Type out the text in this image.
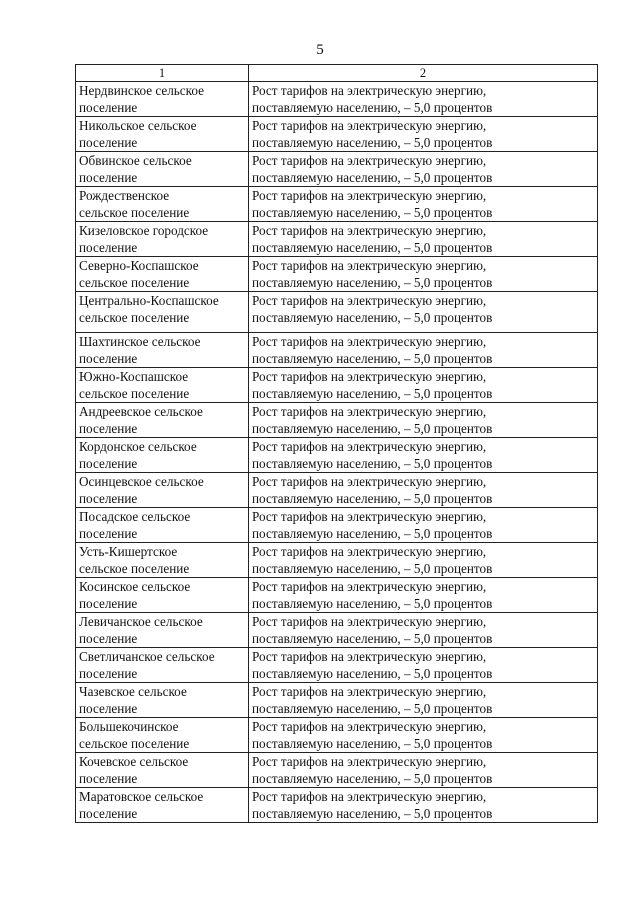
5
1	2

Нердвинское сельское
поселение	Рост тарифов на электрическую энергию,
поставляемую населению, – 5,0 процентов

Никольское сельское
поселение	Рост тарифов на электрическую энергию,
поставляемую населению, – 5,0 процентов

Обвинское сельское
поселение	Рост тарифов на электрическую энергию,
поставляемую населению, – 5,0 процентов

Рождественское
сельское поселение	Рост тарифов на электрическую энергию,
поставляемую населению, – 5,0 процентов

Кизеловское городское
поселение	Рост тарифов на электрическую энергию,
поставляемую населению, – 5,0 процентов

Северно-Коспашское
сельское поселение	Рост тарифов на электрическую энергию,
поставляемую населению, – 5,0 процентов

Центрально-Коспашское
сельское поселение	Рост тарифов на электрическую энергию,
поставляемую населению, – 5,0 процентов

Шахтинское сельское
поселение	Рост тарифов на электрическую энергию,
поставляемую населению, – 5,0 процентов

Южно-Коспашское
сельское поселение	Рост тарифов на электрическую энергию,
поставляемую населению, – 5,0 процентов

Андреевское сельское
поселение	Рост тарифов на электрическую энергию,
поставляемую населению, – 5,0 процентов

Кордонское сельское
поселение	Рост тарифов на электрическую энергию,
поставляемую населению, – 5,0 процентов

Осинцевское сельское
поселение	Рост тарифов на электрическую энергию,
поставляемую населению, – 5,0 процентов

Посадское сельское
поселение	Рост тарифов на электрическую энергию,
поставляемую населению, – 5,0 процентов

Усть-Кишертское
сельское поселение	Рост тарифов на электрическую энергию,
поставляемую населению, – 5,0 процентов

Косинское сельское
поселение	Рост тарифов на электрическую энергию,
поставляемую населению, – 5,0 процентов

Левичанское сельское
поселение	Рост тарифов на электрическую энергию,
поставляемую населению, – 5,0 процентов

Светличанское сельское
поселение	Рост тарифов на электрическую энергию,
поставляемую населению, – 5,0 процентов

Чазевское сельское
поселение	Рост тарифов на электрическую энергию,
поставляемую населению, – 5,0 процентов

Большекочинское
сельское поселение	Рост тарифов на электрическую энергию,
поставляемую населению, – 5,0 процентов

Кочевское сельское
поселение	Рост тарифов на электрическую энергию,
поставляемую населению, – 5,0 процентов

Маратовское сельское
поселение	Рост тарифов на электрическую энергию,
поставляемую населению, – 5,0 процентов
